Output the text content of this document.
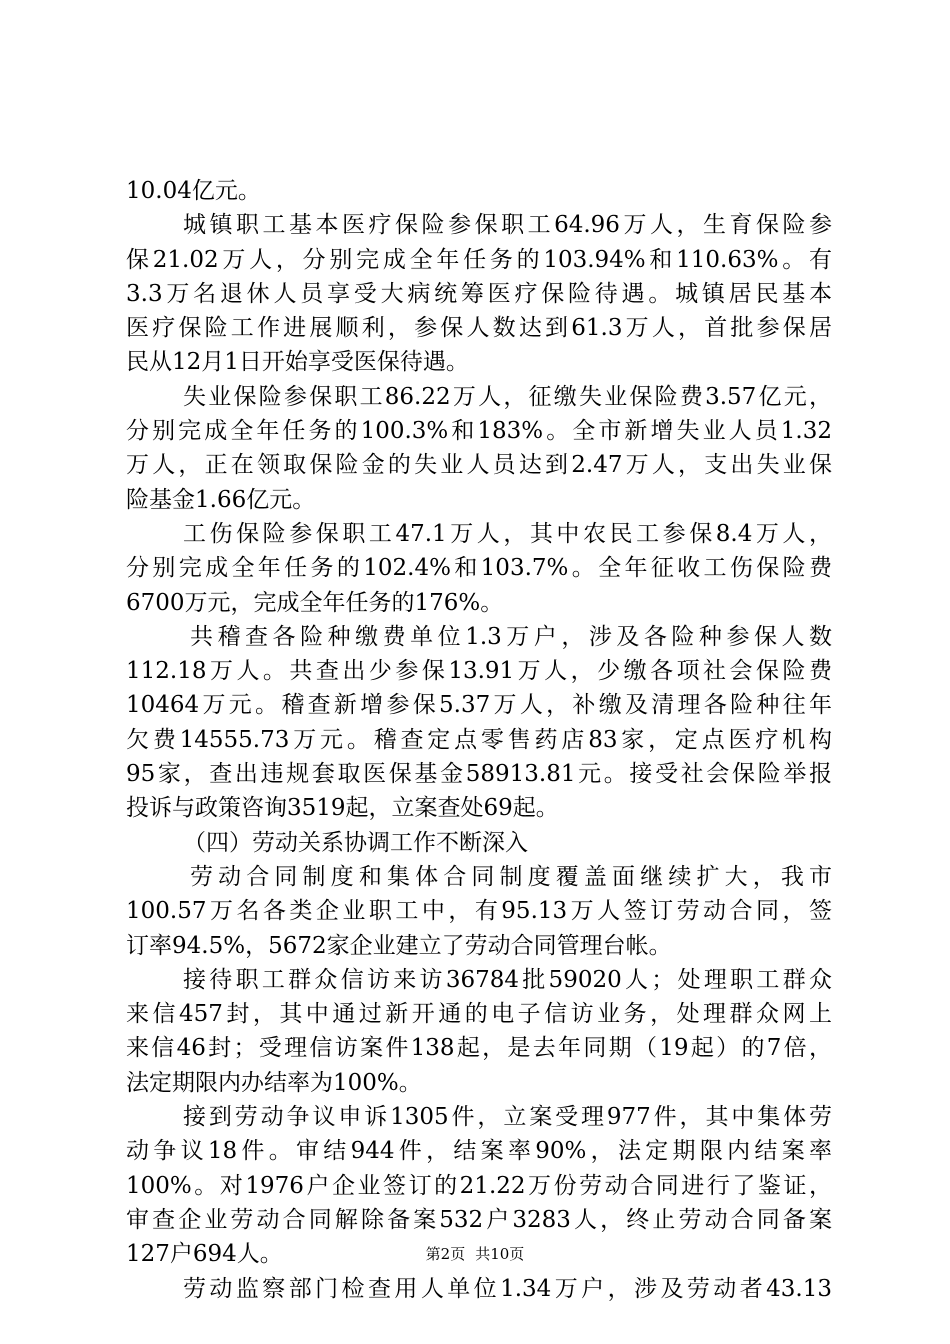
10.04亿元。
城镇职工基本医疗保险参保职工64.96万人，生育保险参
保21.02万人，分别完成全年任务的103.94%和110.63%。有
3.3万名退休人员享受大病统筹医疗保险待遇。城镇居民基本
医疗保险工作进展顺利，参保人数达到61.3万人，首批参保居
民从12月1日开始享受医保待遇。
失业保险参保职工86.22万人，征缴失业保险费3.57亿元，
分别完成全年任务的100.3%和183%。全市新增失业人员1.32
万人，正在领取保险金的失业人员达到2.47万人，支出失业保
险基金1.66亿元。
工伤保险参保职工47.1万人，其中农民工参保8.4万人，
分别完成全年任务的102.4%和103.7%。全年征收工伤保险费
6700万元，完成全年任务的176%。
共稽查各险种缴费单位1.3万户，涉及各险种参保人数
112.18万人。共查出少参保13.91万人，少缴各项社会保险费
10464万元。稽查新增参保5.37万人，补缴及清理各险种往年
欠费14555.73万元。稽查定点零售药店83家，定点医疗机构
95家，查出违规套取医保基金58913.81元。接受社会保险举报
投诉与政策咨询3519起，立案查处69起。
（四）劳动关系协调工作不断深入
劳动合同制度和集体合同制度覆盖面继续扩大，我市
100.57万名各类企业职工中，有95.13万人签订劳动合同，签
订率94.5%，5672家企业建立了劳动合同管理台帐。
接待职工群众信访来访36784批59020人；处理职工群众
来信457封，其中通过新开通的电子信访业务，处理群众网上
来信46封；受理信访案件138起，是去年同期（19起）的7倍，
法定期限内办结率为100%。
接到劳动争议申诉1305件，立案受理977件，其中集体劳
动争议18件。审结944件，结案率90%，法定期限内结案率
100%。对1976户企业签订的21.22万份劳动合同进行了鉴证，
审查企业劳动合同解除备案532户3283人，终止劳动合同备案
127户694人。
劳动监察部门检查用人单位1.34万户，涉及劳动者43.13
第2页 共10页
